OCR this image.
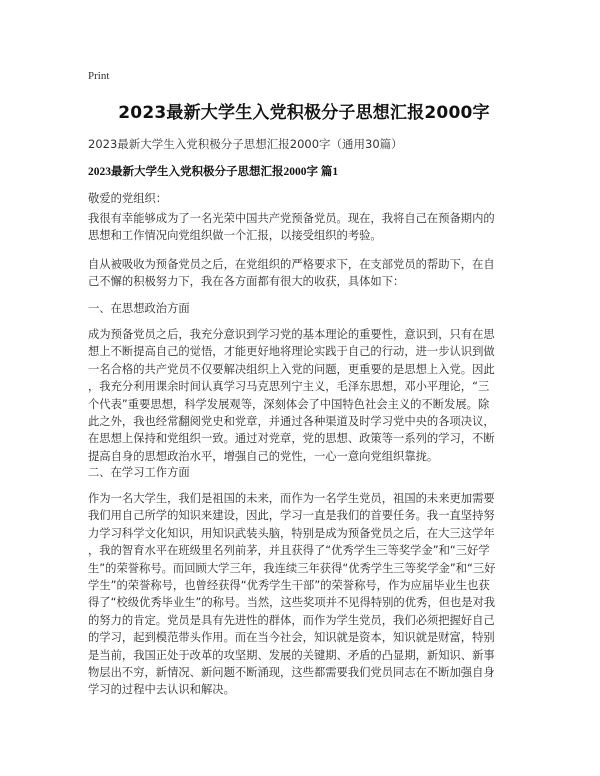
Print
2023最新大学生入党积极分子思想汇报2000字
2023最新大学生入党积极分子思想汇报2000字（通用30篇）
2023最新大学生入党积极分子思想汇报2000字 篇1
敬爱的党组织：
我很有幸能够成为了一名光荣中国共产党预备党员。现在，我将自己在预备期内的
思想和工作情况向党组织做一个汇报，以接受组织的考验。
自从被吸收为预备党员之后，在党组织的严格要求下，在支部党员的帮助下，在自
己不懈的积极努力下，我在各方面都有很大的收获，具体如下：
一、在思想政治方面
成为预备党员之后，我充分意识到学习党的基本理论的重要性，意识到，只有在思
想上不断提高自己的觉悟，才能更好地将理论实践于自己的行动，进一步认识到做
一名合格的共产党员不仅要解决组织上入党的问题，更重要的是思想上入党。因此
，我充分利用课余时间认真学习马克思列宁主义，毛泽东思想，邓小平理论，“三
个代表”重要思想，科学发展观等，深刻体会了中国特色社会主义的不断发展。除
此之外，我也经常翻阅党史和党章，并通过各种渠道及时学习党中央的各项决议，
在思想上保持和党组织一致。通过对党章，党的思想、政策等一系列的学习，不断
提高自身的思想政治水平，增强自己的党性，一心一意向党组织靠拢。
二、在学习工作方面
作为一名大学生，我们是祖国的未来，而作为一名学生党员，祖国的未来更加需要
我们用自己所学的知识来建设，因此，学习一直是我们的首要任务。我一直坚持努
力学习科学文化知识，用知识武装头脑，特别是成为预备党员之后，在大三这学年
，我的智育水平在班级里名列前茅，并且获得了“优秀学生三等奖学金”和“三好学
生”的荣誉称号。而回顾大学三年，我连续三年获得“优秀学生三等奖学金”和“三好
学生”的荣誉称号，也曾经获得“优秀学生干部”的荣誉称号，作为应届毕业生也获
得了“校级优秀毕业生”的称号。当然，这些奖项并不见得特别的优秀，但也是对我
的努力的肯定。党员是具有先进性的群体，而作为学生党员，我们必须把握好自己
的学习，起到模范带头作用。而在当今社会，知识就是资本，知识就是财富，特别
是当前，我国正处于改革的攻坚期、发展的关键期、矛盾的凸显期，新知识、新事
物层出不穷，新情况、新问题不断涌现，这些都需要我们党员同志在不断加强自身
学习的过程中去认识和解决。
